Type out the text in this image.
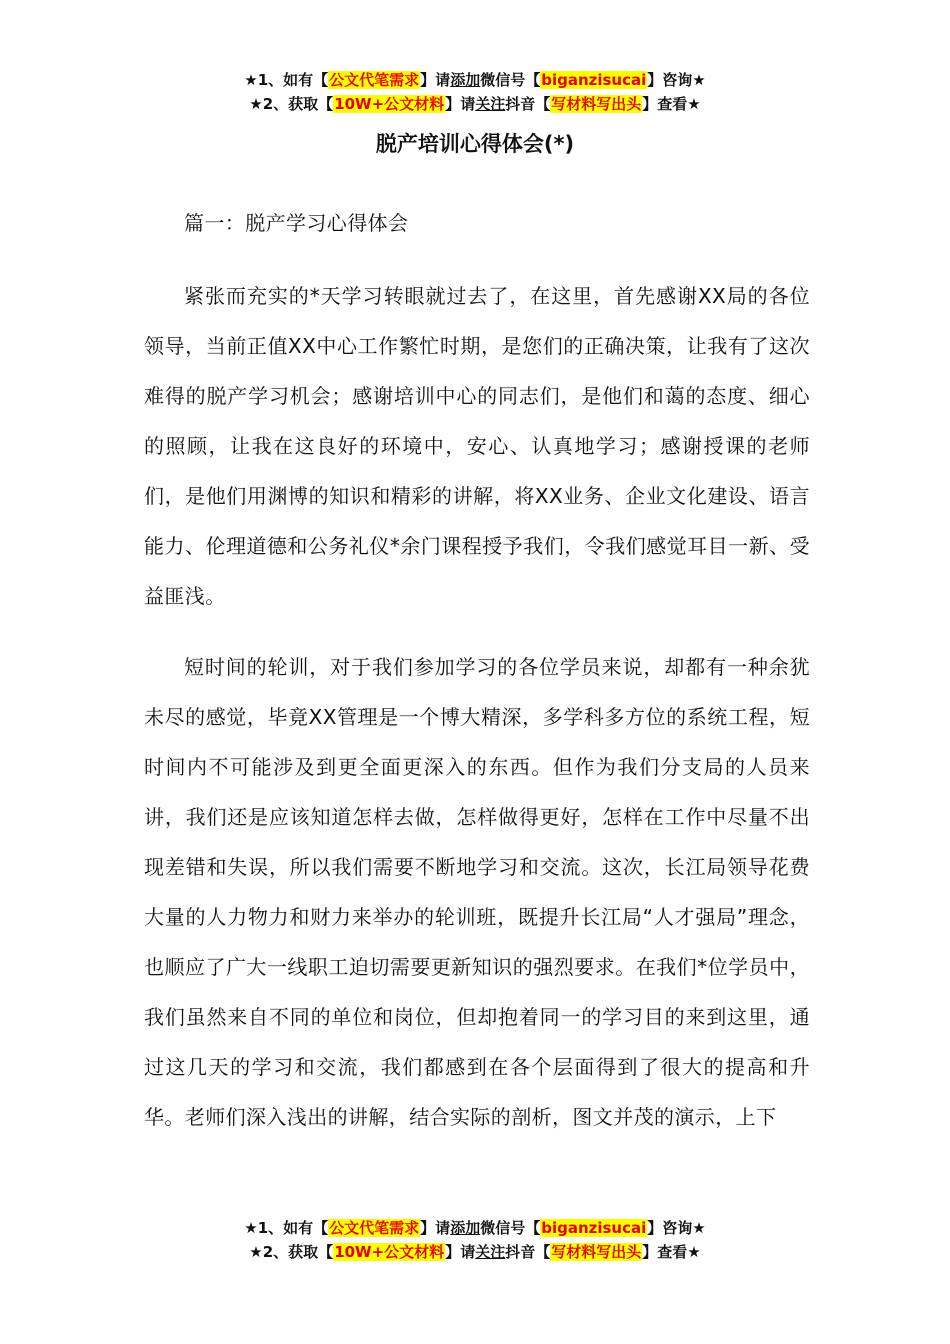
★1、如有【公文代笔需求】请添加微信号【biganzisucai】咨询★
★2、获取【10W+公文材料】请关注抖音【写材料写出头】查看★
脱产培训心得体会(*)

篇一：脱产学习心得体会

紧张而充实的*天学习转眼就过去了，在这里，首先感谢XX局的各位领导，当前正值XX中心工作繁忙时期，是您们的正确决策，让我有了这次难得的脱产学习机会；感谢培训中心的同志们，是他们和蔼的态度、细心的照顾，让我在这良好的环境中，安心、认真地学习；感谢授课的老师们，是他们用渊博的知识和精彩的讲解，将XX业务、企业文化建设、语言能力、伦理道德和公务礼仪*余门课程授予我们，令我们感觉耳目一新、受益匪浅。

短时间的轮训，对于我们参加学习的各位学员来说，却都有一种余犹未尽的感觉，毕竟XX管理是一个博大精深，多学科多方位的系统工程，短时间内不可能涉及到更全面更深入的东西。但作为我们分支局的人员来讲，我们还是应该知道怎样去做，怎样做得更好，怎样在工作中尽量不出现差错和失误，所以我们需要不断地学习和交流。这次，长江局领导花费大量的人力物力和财力来举办的轮训班，既提升长江局“人才强局”理念，也顺应了广大一线职工迫切需要更新知识的强烈要求。在我们*位学员中，我们虽然来自不同的单位和岗位，但却抱着同一的学习目的来到这里，通过这几天的学习和交流，我们都感到在各个层面得到了很大的提高和升华。老师们深入浅出的讲解，结合实际的剖析，图文并茂的演示，上下

★1、如有【公文代笔需求】请添加微信号【biganzisucai】咨询★
★2、获取【10W+公文材料】请关注抖音【写材料写出头】查看★
